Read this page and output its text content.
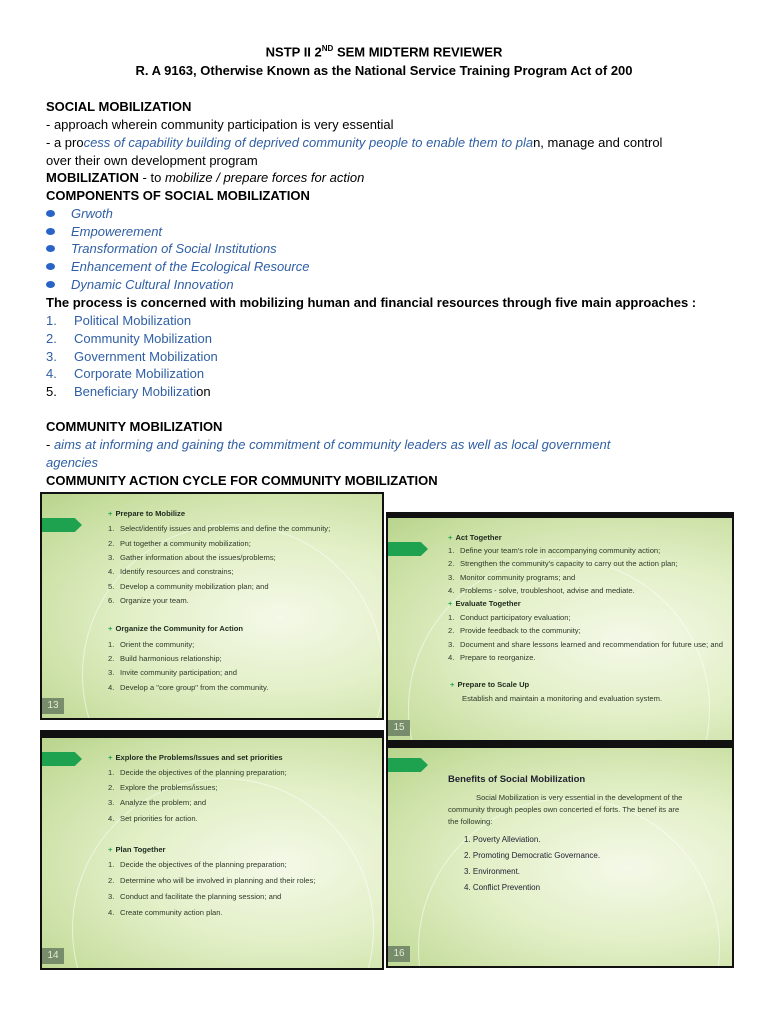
NSTP II 2ND SEM MIDTERM REVIEWER
R. A 9163, Otherwise Known as the National Service Training Program Act of 200
SOCIAL MOBILIZATION
- approach wherein community participation is very essential
- a process of capability building of deprived community people to enable them to plan, manage and control
over their own development program
MOBILIZATION - to mobilize / prepare forces for action
COMPONENTS OF SOCIAL MOBILIZATION
Grwoth
Empowerement
Transformation of Social Institutions
Enhancement of the Ecological Resource
Dynamic Cultural Innovation
The process is concerned with mobilizing human and financial resources through five main approaches :
1. Political Mobilization
2. Community Mobilization
3. Government Mobilization
4. Corporate Mobilization
5. Beneficiary Mobilization
COMMUNITY MOBILIZATION
- aims at informing and gaining the commitment of community leaders as well as local government
agencies
COMMUNITY ACTION CYCLE FOR COMMUNITY MOBILIZATION
+ Prepare to Mobilize
1. Select/identify issues and problems and define the community;
2. Put together a community mobilization;
3. Gather information about the issues/problems;
4. Identify resources and constrains;
5. Develop a community mobilization plan; and
6. Organize your team.
+ Organize the Community for Action
1. Orient the community;
2. Build harmonious relationship;
3. Invite community participation; and
4. Develop a "core group" from the community.
13
+ Act Together
1. Define your team's role in accompanying community action;
2. Strengthen the community's capacity to carry out the action plan;
3. Monitor community programs; and
4. Problems - solve, troubleshoot, advise and mediate.
+ Evaluate Together
1. Conduct participatory evaluation;
2. Provide feedback to the community;
3. Document and share lessons learned and recommendation for future use; and
4. Prepare to reorganize.
+ Prepare to Scale Up
Establish and maintain a monitoring and evaluation system.
15
+ Explore the Problems/Issues and set priorities
1. Decide the objectives of the planning preparation;
2. Explore the problems/issues;
3. Analyze the problem; and
4. Set priorities for action.
+ Plan Together
1. Decide the objectives of the planning preparation;
2. Determine who will be involved in planning and their roles;
3. Conduct and facilitate the planning session; and
4. Create community action plan.
14
Benefits of Social Mobilization
Social Mobilization is very essential in the development of the
community through peoples own concerted ef forts. The benef its are
the following:
1. Poverty Alleviation.
2. Promoting Democratic Governance.
3. Environment.
4. Conflict Prevention
16
